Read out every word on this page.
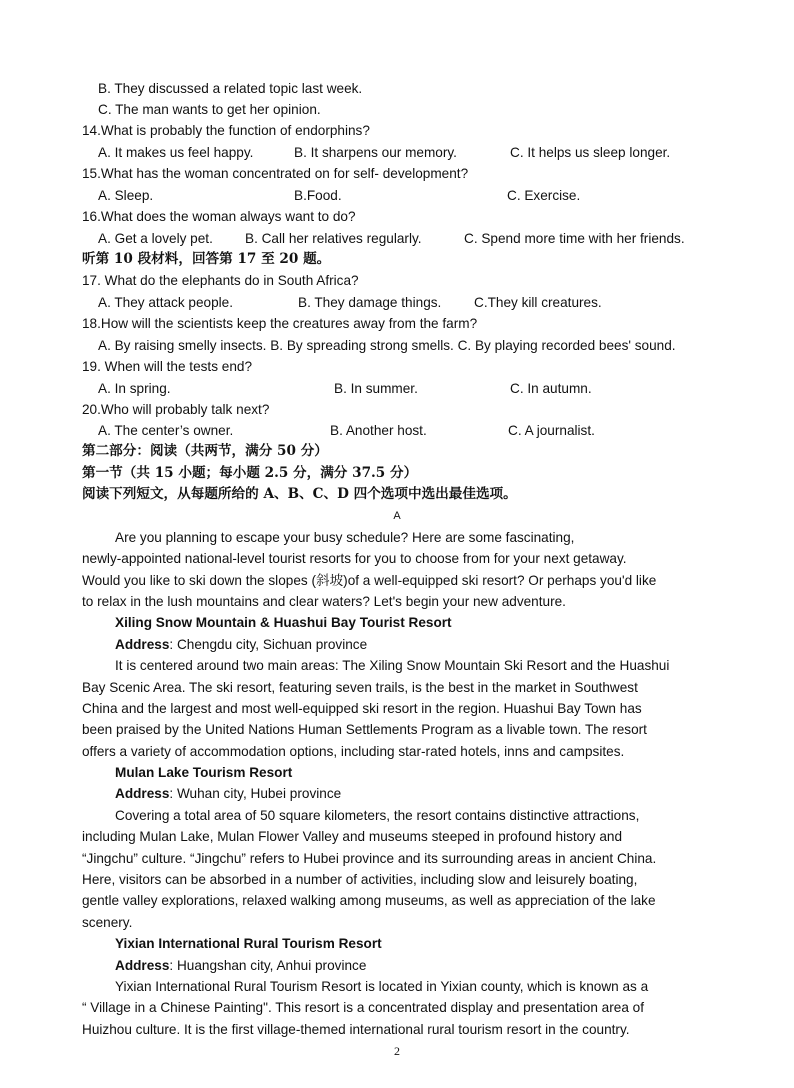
B. They discussed a related topic last week.
C. The man wants to get her opinion.
14.What is probably the function of endorphins?
A. It makes us feel happy.	B. It sharpens our memory.	C. It helps us sleep longer.
15.What has the woman concentrated on for self- development?
A. Sleep.	B.Food.	C. Exercise.
16.What does the woman always want to do?
A. Get a lovely pet. B. Call her relatives regularly.	C. Spend more time with her friends.
听第 10 段材料，回答第 17 至 20 题。
17. What do the elephants do in South Africa?
A. They attack people.	B. They damage things. C.They kill creatures.
18.How will the scientists keep the creatures away from the farm?
A. By raising smelly insects. B. By spreading strong smells. C. By playing recorded bees' sound.
19. When will the tests end?
A. In spring.	B. In summer.	C. In autumn.
20.Who will probably talk next?
A. The center’s owner.	B. Another host.	C. A journalist.
第二部分：阅读（共两节，满分 50 分）
第一节（共 15 小题；每小题 2.5 分，满分 37.5 分）
阅读下列短文，从每题所给的 A、B、C、D 四个选项中选出最佳选项。
A
Are you planning to escape your busy schedule? Here are some fascinating,
newly-appointed national-level tourist resorts for you to choose from for your next getaway.
Would you like to ski down the slopes (斜坡)of a well-equipped ski resort? Or perhaps you'd like
to relax in the lush mountains and clear waters? Let's begin your new adventure.
Xiling Snow Mountain & Huashui Bay Tourist Resort
Address: Chengdu city, Sichuan province
It is centered around two main areas: The Xiling Snow Mountain Ski Resort and the Huashui
Bay Scenic Area. The ski resort, featuring seven trails, is the best in the market in Southwest
China and the largest and most well-equipped ski resort in the region. Huashui Bay Town has
been praised by the United Nations Human Settlements Program as a livable town. The resort
offers a variety of accommodation options, including star-rated hotels, inns and campsites.
Mulan Lake Tourism Resort
Address: Wuhan city, Hubei province
Covering a total area of 50 square kilometers, the resort contains distinctive attractions,
including Mulan Lake, Mulan Flower Valley and museums steeped in profound history and
“Jingchu” culture. “Jingchu” refers to Hubei province and its surrounding areas in ancient China.
Here, visitors can be absorbed in a number of activities, including slow and leisurely boating,
gentle valley explorations, relaxed walking among museums, as well as appreciation of the lake
scenery.
Yixian International Rural Tourism Resort
Address: Huangshan city, Anhui province
Yixian International Rural Tourism Resort is located in Yixian county, which is known as a
“ Village in a Chinese Painting". This resort is a concentrated display and presentation area of
Huizhou culture. It is the first village-themed international rural tourism resort in the country.
2
